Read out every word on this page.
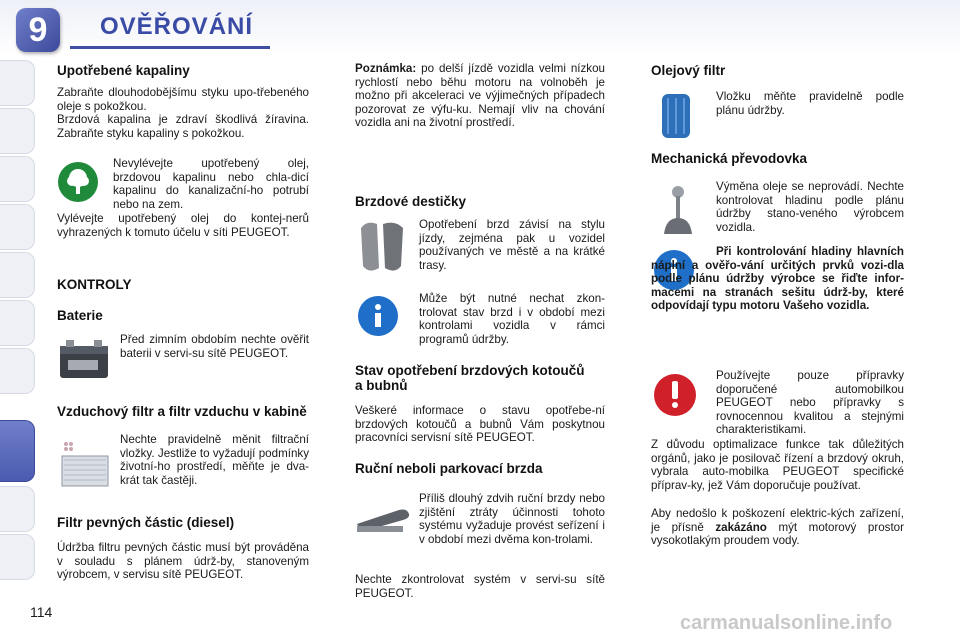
9	OVĚŘOVÁNÍ
Upotřebené kapaliny

Zabraňte dlouhodobějšímu styku upo-třebeného oleje s pokožkou.

Brzdová kapalina je zdraví škodlivá žíravina. Zabraňte styku kapaliny s pokožkou.

Nevylévejte upotřebený olej, brzdovou kapalinu nebo chla-dicí kapalinu do kanalizační-ho potrubí nebo na zem.

Vylévejte upotřebený olej do kontej-nerů vyhrazených k tomuto účelu v síti PEUGEOT.

KONTROLY
Baterie

Před zimním obdobím nechte ověřit baterii v servi-su sítě PEUGEOT.

Vzduchový filtr a filtr vzduchu v kabině

Nechte pravidelně měnit filtrační vložky. Jestliže to vyžadují podmínky životní-ho prostředí, měňte je dva-krát tak častěji.

Filtr pevných částic (diesel)

Údržba filtru pevných částic musí být prováděna v souladu s plánem údrž-by, stanoveným výrobcem, v servisu sítě PEUGEOT.

114

Poznámka: po delší jízdě vozidla velmi nízkou rychlostí nebo běhu motoru na volnoběh je možno při akceleraci ve výjimečných případech pozorovat ze výfu-ku. Nemají vliv na chování vozidla ani na životní prostředí.

Brzdové destičky

Opotřebení brzd závisí na stylu jízdy, zejména pak u vozidel používaných ve městě a na krátké trasy.

Může být nutné nechat zkon-trolovat stav brzd i v období mezi kontrolami vozidla v rámci programů údržby.

Stav opotřebení brzdových kotoučů a bubnů

Veškeré informace o stavu opotřebe-ní brzdových kotoučů a bubnů Vám poskytnou pracovníci servisní sítě PEUGEOT.

Ruční neboli parkovací brzda

Příliš dlouhý zdvih ruční brzdy nebo zjištění ztráty účinnosti tohoto systému vyžaduje provést seřízení i v období mezi dvěma kon-trolami.

Nechte zkontrolovat systém v servi-su sítě PEUGEOT.

Olejový filtr

Vložku měňte pravidelně podle plánu údržby.

Mechanická převodovka

Výměna oleje se neprovádí. Nechte kontrolovat hladinu podle plánu údržby stano-veného výrobcem vozidla.

Při kontrolování hladiny hlavních náplní a ověřo-vání určitých prvků vozi-dla podle plánu údržby výrobce se řiďte infor-macemi na stranách sešitu údrž-by, které odpovídají typu motoru Vašeho vozidla.

Používejte pouze přípravky doporučené automobilkou PEUGEOT nebo přípravky s rovnocennou kvalitou a stejnými charakteristikami.

Z důvodu optimalizace funkce tak důležitých orgánů, jako je posilovač řízení a brzdový okruh, vybrala auto-mobilka PEUGEOT specifické příprav-ky, jež Vám doporučuje používat.

Aby nedošlo k poškození elektric-kých zařízení, je přísně zakázáno mýt motorový prostor vysokotlakým proudem vody.

carmanualsonline.info
